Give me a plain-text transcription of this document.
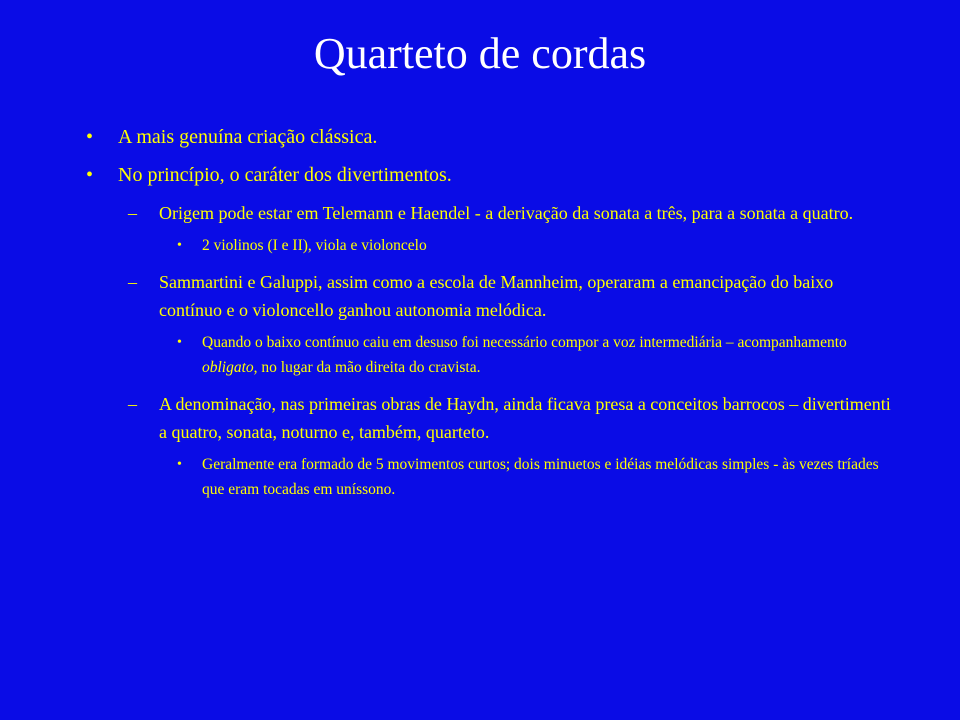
Quarteto de cordas
• A mais genuína criação clássica.
• No princípio, o caráter dos divertimentos.
– Origem pode estar em Telemann e Haendel - a derivação da sonata a três, para a sonata a quatro.
• 2 violinos (I e II), viola e violoncelo
– Sammartini e Galuppi, assim como a escola de Mannheim, operaram a emancipação do baixo contínuo e o violoncello ganhou autonomia melódica.
• Quando o baixo contínuo caiu em desuso foi necessário compor a voz intermediária – acompanhamento obligato, no lugar da mão direita do cravista.
– A denominação, nas primeiras obras de Haydn, ainda ficava presa a conceitos barrocos – divertimenti a quatro, sonata, noturno e, também, quarteto.
• Geralmente era formado de 5 movimentos curtos; dois minuetos e idéias melódicas simples - às vezes tríades que eram tocadas em uníssono.
